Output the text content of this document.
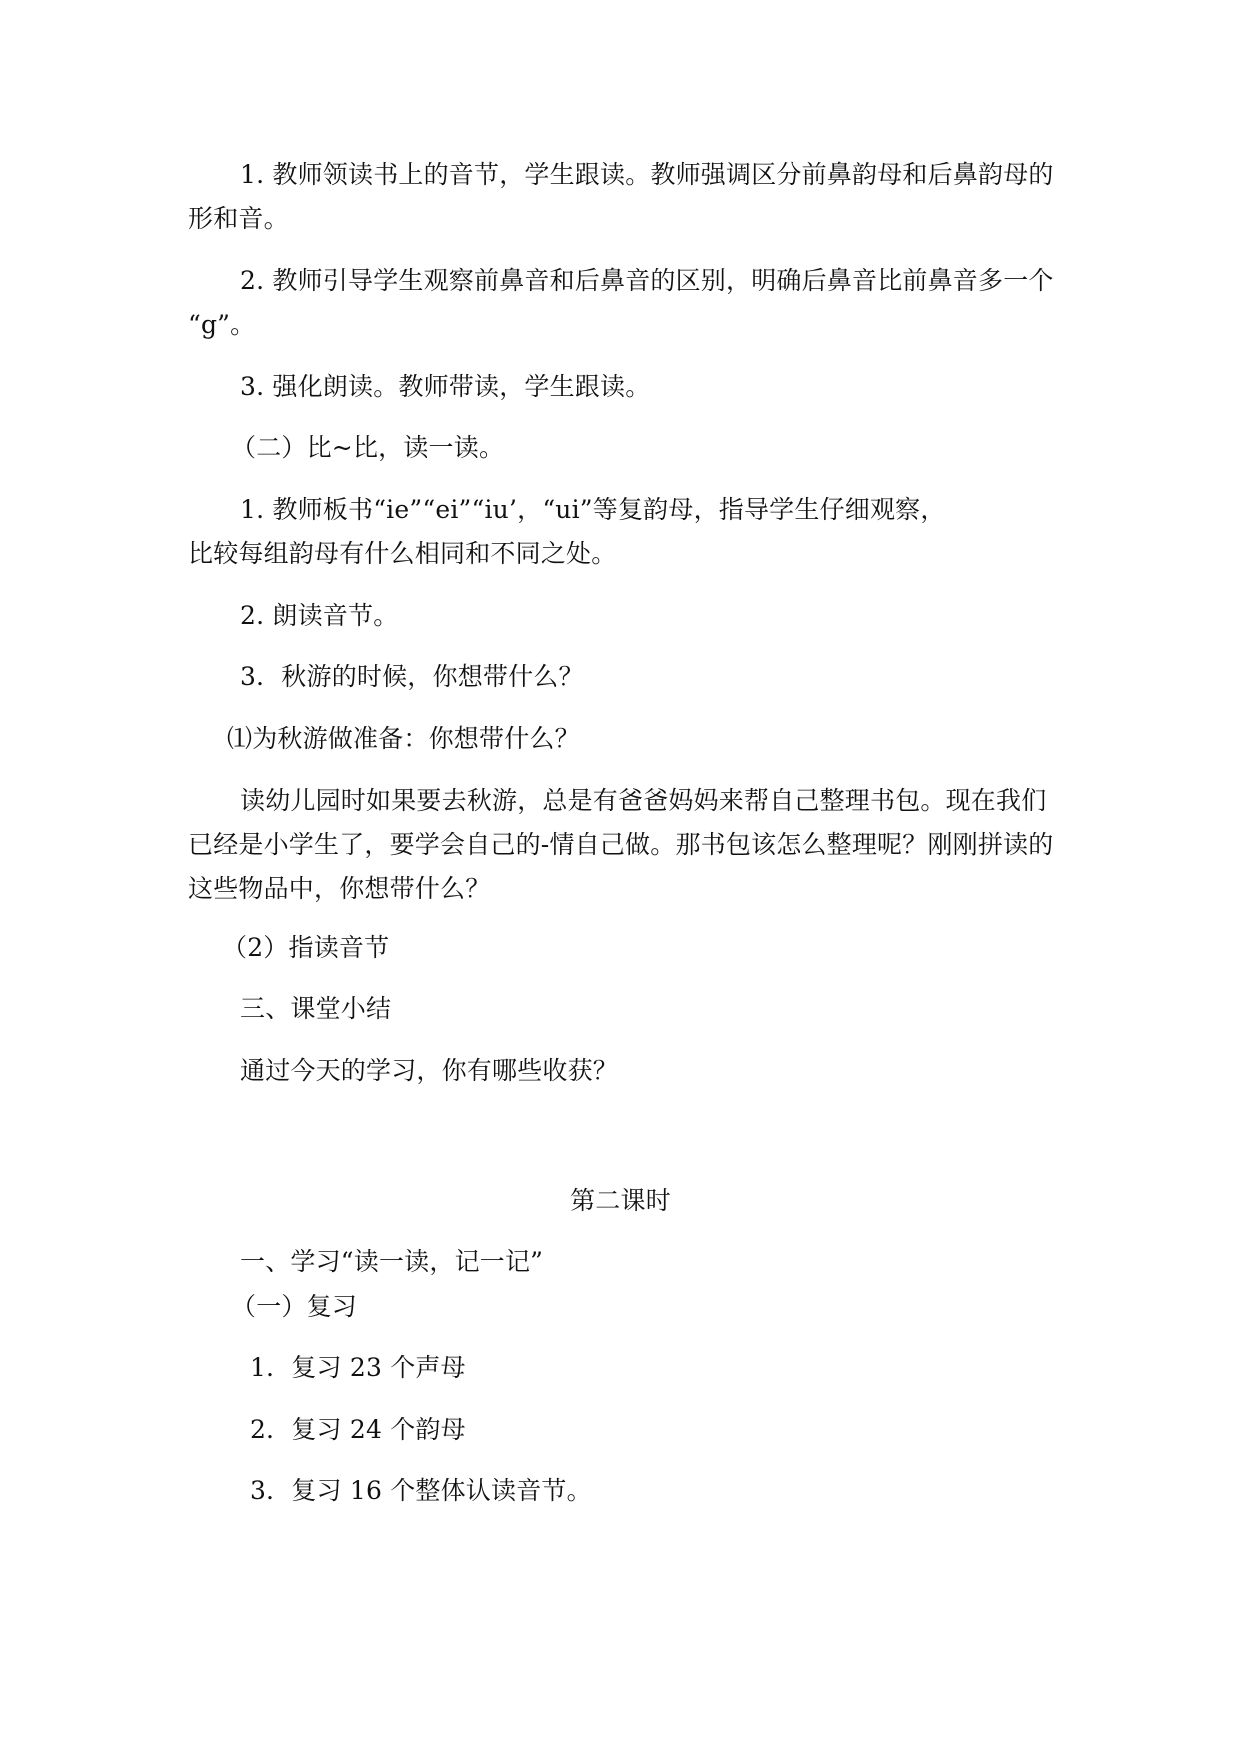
1. 教师领读书上的音节，学生跟读。教师强调区分前鼻韵母和后鼻韵母的
形和音。
2. 教师引导学生观察前鼻音和后鼻音的区别，明确后鼻音比前鼻音多一个
“g”。
3. 强化朗读。教师带读，学生跟读。
（二）比~比，读一读。
1. 教师板书“ie”“ei”“iu’，“ui”等复韵母，指导学生仔细观察，
比较每组韵母有什么相同和不同之处。
2. 朗读音节。
3．秋游的时候，你想带什么？
⑴为秋游做准备：你想带什么？
读幼儿园时如果要去秋游，总是有爸爸妈妈来帮自己整理书包。现在我们
已经是小学生了，要学会自己的-情自己做。那书包该怎么整理呢？刚刚拼读的
这些物品中，你想带什么？
（2）指读音节
三、课堂小结
通过今天的学习，你有哪些收获？
第二课时
一、学习“读一读，记一记”
（一）复习
1．复习 23 个声母
2．复习 24 个韵母
3．复习 16 个整体认读音节。
